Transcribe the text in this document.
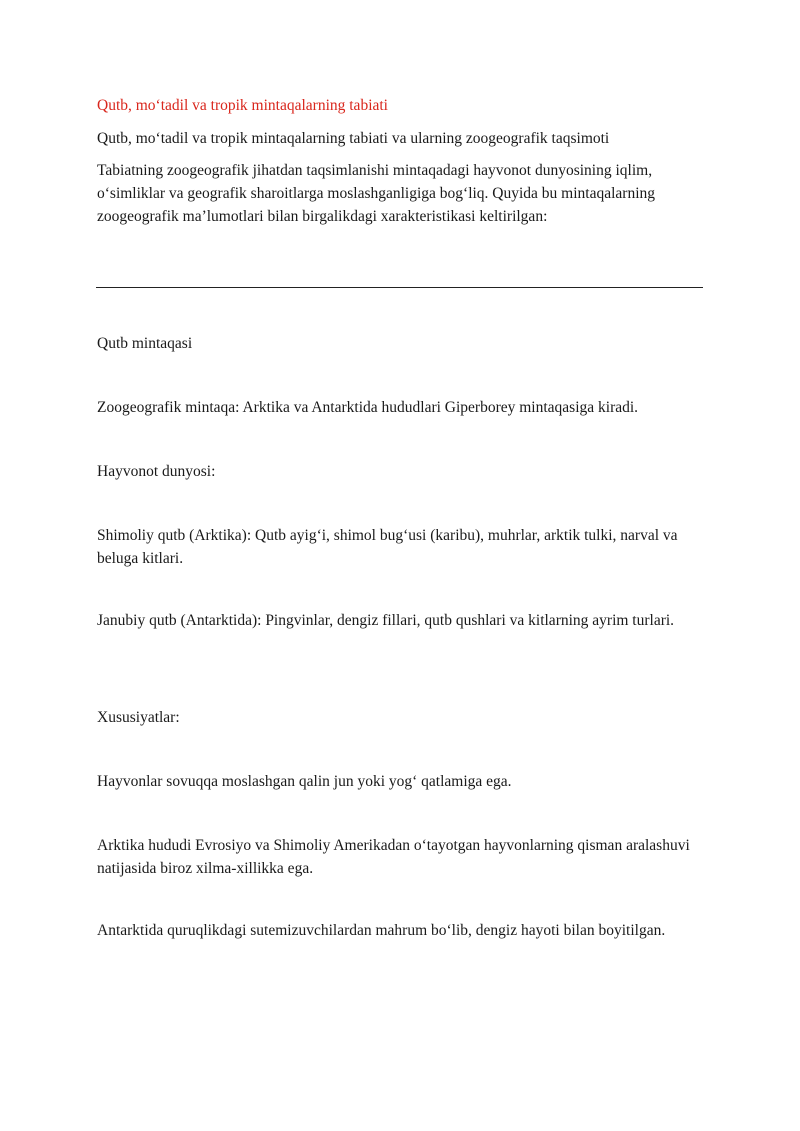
Qutb, mo‘tadil va tropik mintaqalarning tabiati

Qutb, mo‘tadil va tropik mintaqalarning tabiati va ularning zoogeografik taqsimoti

Tabiatning zoogeografik jihatdan taqsimlanishi mintaqadagi hayvonot dunyosining iqlim, o‘simliklar va geografik sharoitlarga moslashganligiga bog‘liq. Quyida bu mintaqalarning zoogeografik ma’lumotlari bilan birgalikdagi xarakteristikasi keltirilgan:

Qutb mintaqasi

Zoogeografik mintaqa: Arktika va Antarktida hududlari Giperborey mintaqasiga kiradi.

Hayvonot dunyosi:

Shimoliy qutb (Arktika): Qutb ayig‘i, shimol bug‘usi (karibu), muhrlar, arktik tulki, narval va beluga kitlari.

Janubiy qutb (Antarktida): Pingvinlar, dengiz fillari, qutb qushlari va kitlarning ayrim turlari.

Xususiyatlar:

Hayvonlar sovuqqa moslashgan qalin jun yoki yog‘ qatlamiga ega.

Arktika hududi Evrosiyo va Shimoliy Amerikadan o‘tayotgan hayvonlarning qisman aralashuvi natijasida biroz xilma-xillikka ega.

Antarktida quruqlikdagi sutemizuvchilardan mahrum bo‘lib, dengiz hayoti bilan boyitilgan.
